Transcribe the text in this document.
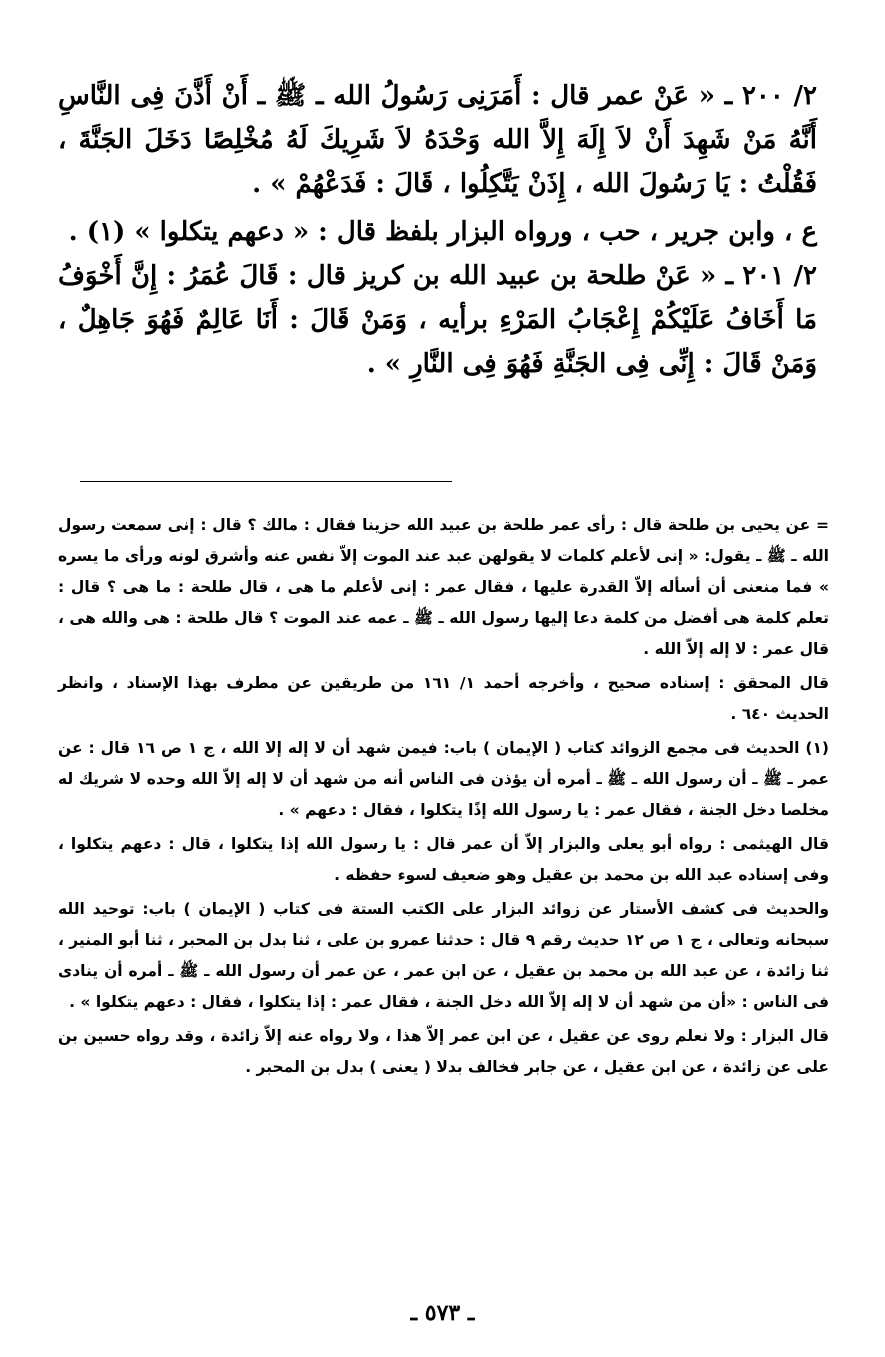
٢/ ٢٠٠ ـ « عَنْ عمر قال : أَمَرَنِى رَسُولُ الله ـ ﷺ ـ أَنْ أَذَّنَ فِى النَّاسِ أَنَّهُ مَنْ شَهِدَ أَنْ لاَ إِلَهَ إِلاَّ الله وَحْدَهُ لاَ شَرِيكَ لَهُ مُخْلِصًا دَخَلَ الجَنَّةَ ، فَقُلْتُ : يَا رَسُولَ الله ، إِذَنْ يَتَّكِلُوا ، قَالَ : فَدَعْهُمْ » .

ع ، وابن جرير ، حب ، ورواه البزار بلفظ قال : « دعهم يتكلوا » (١) .

٢/ ٢٠١ ـ « عَنْ طلحة بن عبيد الله بن كريز قال : قَالَ عُمَرُ : إِنَّ أَخْوَفُ مَا أَخَافُ عَلَيْكُمْ إِعْجَابُ المَرْءِ برأيه ، وَمَنْ قَالَ : أَنَا عَالِمٌ فَهُوَ جَاهِلٌ ، وَمَنْ قَالَ : إِنِّى فِى الجَنَّةِ فَهُوَ فِى النَّارِ » .

= عن يحيى بن طلحة قال : رأى عمر طلحة بن عبيد الله حزينا فقال : مالك ؟ قال : إنى سمعت رسول الله ـ ﷺ ـ يقول: « إنى لأعلم كلمات لا يقولهن عبد عند الموت إلاّ نفس عنه وأشرق لونه ورأى ما يسره » فما منعنى أن أسأله إلاّ القدرة عليها ، فقال عمر : إنى لأعلم ما هى ، قال طلحة : ما هى ؟ قال : تعلم كلمة هى أفضل من كلمة دعا إليها رسول الله ـ ﷺ ـ عمه عند الموت ؟ قال طلحة : هى والله هى ، قال عمر : لا إله إلاّ الله .

قال المحقق : إسناده صحيح ، وأخرجه أحمد ١/ ١٦١ من طريقين عن مطرف بهذا الإسناد ، وانظر الحديث ٦٤٠ .

(١) الحديث فى مجمع الزوائد كتاب ( الإيمان ) باب: فيمن شهد أن لا إله إلا الله ، ج ١ ص ١٦ قال : عن عمر ـ ﷺ ـ أن رسول الله ـ ﷺ ـ أمره أن يؤذن فى الناس أنه من شهد أن لا إله إلاّ الله وحده لا شريك له مخلصا دخل الجنة ، فقال عمر : يا رسول الله إذًا يتكلوا ، فقال : دعهم » .

قال الهيثمى : رواه أبو يعلى والبزار إلاّ أن عمر قال : يا رسول الله إذا يتكلوا ، قال : دعهم يتكلوا ، وفى إسناده عبد الله بن محمد بن عقيل وهو ضعيف لسوء حفظه .

والحديث فى كشف الأستار عن زوائد البزار على الكتب الستة فى كتاب ( الإيمان ) باب: توحيد الله سبحانه وتعالى ، ج ١ ص ١٢ حديث رقم ٩ قال : حدثنا عمرو بن على ، ثنا بدل بن المحبر ، ثنا أبو المنير ، ثنا زائدة ، عن عبد الله بن محمد بن عقيل ، عن ابن عمر ، عن عمر أن رسول الله ـ ﷺ ـ أمره أن ينادى فى الناس : «أن من شهد أن لا إله إلاّ الله دخل الجنة ، فقال عمر : إذا يتكلوا ، فقال : دعهم يتكلوا » .

قال البزار : ولا نعلم روى عن عقيل ، عن ابن عمر إلاّ هذا ، ولا رواه عنه إلاّ زائدة ، وقد رواه حسين بن على عن زائدة ، عن ابن عقيل ، عن جابر فخالف بدلا ( يعنى ) بدل بن المحبر .

ـ ٥٧٣ ـ
